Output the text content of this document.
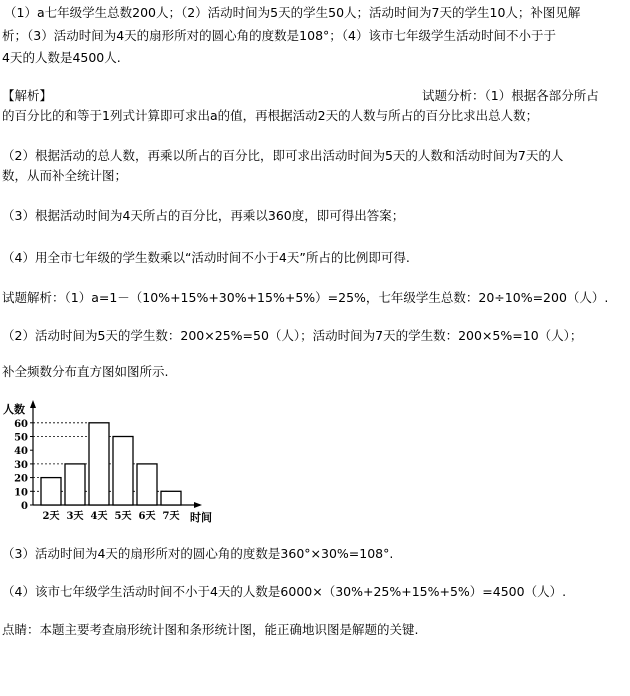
（1）a七年级学生总数200人；（2）活动时间为5天的学生50人；活动时间为7天的学生10人；补图见解
析；（3）活动时间为4天的扇形所对的圆心角的度数是108°；（4）该市七年级学生活动时间不小于于
4天的人数是4500人.
【解析】	试题分析：（1）根据各部分所占
的百分比的和等于1列式计算即可求出a的值，再根据活动2天的人数与所占的百分比求出总人数；
（2）根据活动的总人数，再乘以所占的百分比，即可求出活动时间为5天的人数和活动时间为7天的人
数，从而补全统计图；
（3）根据活动时间为4天所占的百分比，再乘以360度，即可得出答案；
（4）用全市七年级的学生数乘以“活动时间不小于4天”所占的比例即可得.
试题解析：（1）a=1－（10%+15%+30%+15%+5%）=25%，七年级学生总数：20÷10%=200（人）.
（2）活动时间为5天的学生数：200×25%=50（人）；活动时间为7天的学生数：200×5%=10（人）；
补全频数分布直方图如图所示.
0
10
20
30
40
50
60
人数
2天 3天 4天 5天 6天 7天 时间
（3）活动时间为4天的扇形所对的圆心角的度数是360°×30%=108°.
（4）该市七年级学生活动时间不小于4天的人数是6000×（30%+25%+15%+5%）=4500（人）.
点睛：本题主要考查扇形统计图和条形统计图，能正确地识图是解题的关键.
